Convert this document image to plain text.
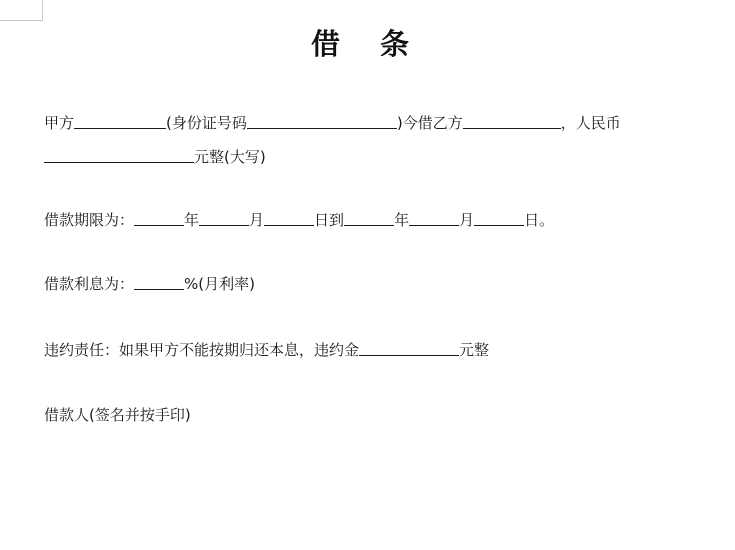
借 条
甲方	(身份证号码	)今借乙方	，人民币
元整(大写)
借款期限为：	年	月	日到	年	月	日。
借款利息为：	%(月利率)
违约责任：如果甲方不能按期归还本息，违约金	元整
借款人(签名并按手印)
